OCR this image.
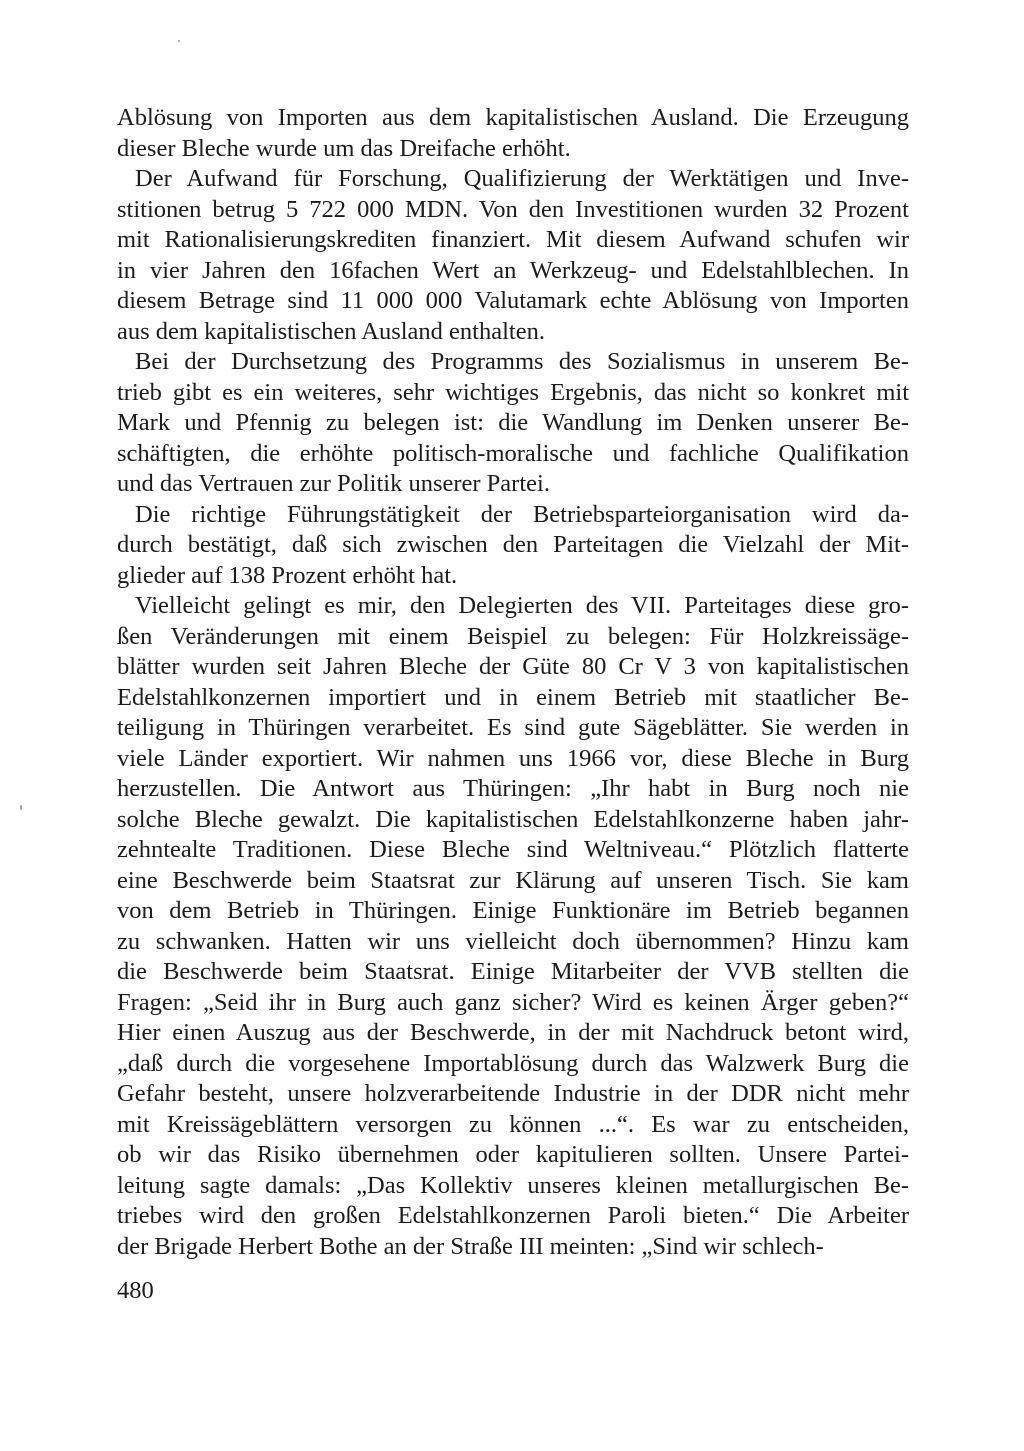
Ablösung von Importen aus dem kapitalistischen Ausland. Die Erzeugung
dieser Bleche wurde um das Dreifache erhöht.
Der Aufwand für Forschung, Qualifizierung der Werktätigen und Inve-
stitionen betrug 5 722 000 MDN. Von den Investitionen wurden 32 Prozent
mit Rationalisierungskrediten finanziert. Mit diesem Aufwand schufen wir
in vier Jahren den 16fachen Wert an Werkzeug- und Edelstahlblechen. In
diesem Betrage sind 11 000 000 Valutamark echte Ablösung von Importen
aus dem kapitalistischen Ausland enthalten.
Bei der Durchsetzung des Programms des Sozialismus in unserem Be-
trieb gibt es ein weiteres, sehr wichtiges Ergebnis, das nicht so konkret mit
Mark und Pfennig zu belegen ist: die Wandlung im Denken unserer Be-
schäftigten, die erhöhte politisch-moralische und fachliche Qualifikation
und das Vertrauen zur Politik unserer Partei.
Die richtige Führungstätigkeit der Betriebsparteiorganisation wird da-
durch bestätigt, daß sich zwischen den Parteitagen die Vielzahl der Mit-
glieder auf 138 Prozent erhöht hat.
Vielleicht gelingt es mir, den Delegierten des VII. Parteitages diese gro-
ßen Veränderungen mit einem Beispiel zu belegen: Für Holzkreissäge-
blätter wurden seit Jahren Bleche der Güte 80 Cr V 3 von kapitalistischen
Edelstahlkonzernen importiert und in einem Betrieb mit staatlicher Be-
teiligung in Thüringen verarbeitet. Es sind gute Sägeblätter. Sie werden in
viele Länder exportiert. Wir nahmen uns 1966 vor, diese Bleche in Burg
herzustellen. Die Antwort aus Thüringen: „Ihr habt in Burg noch nie
solche Bleche gewalzt. Die kapitalistischen Edelstahlkonzerne haben jahr-
zehntealte Traditionen. Diese Bleche sind Weltniveau.“ Plötzlich flatterte
eine Beschwerde beim Staatsrat zur Klärung auf unseren Tisch. Sie kam
von dem Betrieb in Thüringen. Einige Funktionäre im Betrieb begannen
zu schwanken. Hatten wir uns vielleicht doch übernommen? Hinzu kam
die Beschwerde beim Staatsrat. Einige Mitarbeiter der VVB stellten die
Fragen: „Seid ihr in Burg auch ganz sicher? Wird es keinen Ärger geben?“
Hier einen Auszug aus der Beschwerde, in der mit Nachdruck betont wird,
„daß durch die vorgesehene Importablösung durch das Walzwerk Burg die
Gefahr besteht, unsere holzverarbeitende Industrie in der DDR nicht mehr
mit Kreissägeblättern versorgen zu können ...“. Es war zu entscheiden,
ob wir das Risiko übernehmen oder kapitulieren sollten. Unsere Partei-
leitung sagte damals: „Das Kollektiv unseres kleinen metallurgischen Be-
triebes wird den großen Edelstahlkonzernen Paroli bieten.“ Die Arbeiter
der Brigade Herbert Bothe an der Straße III meinten: „Sind wir schlech-
480
